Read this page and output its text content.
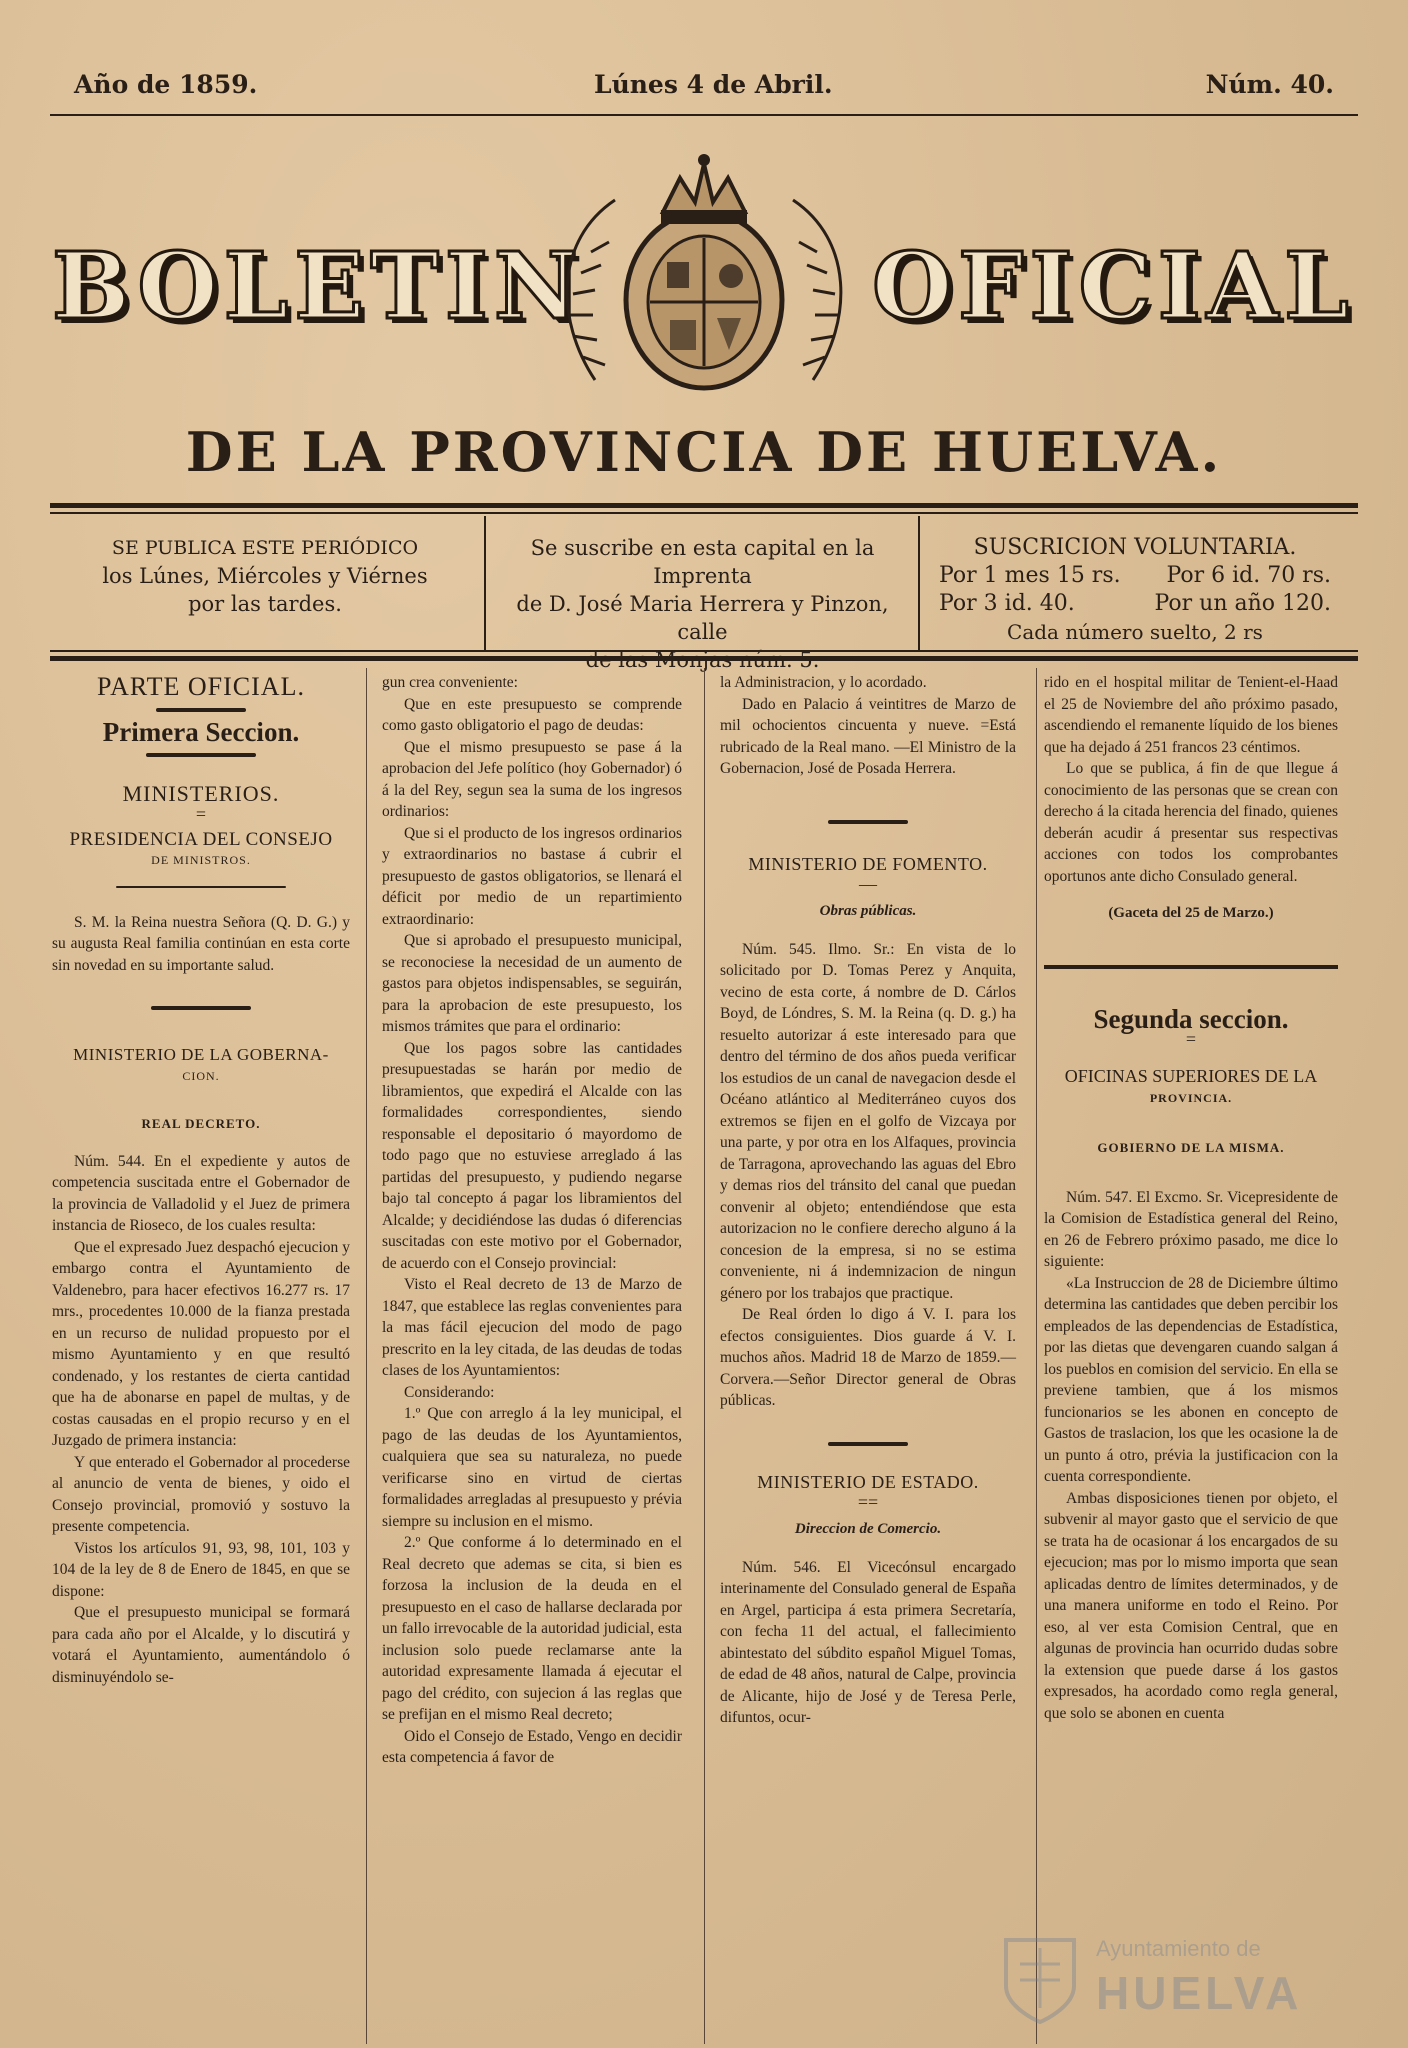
Año de 1859.	Lúnes 4 de Abril.	Núm. 40.
BOLETIN	OFICIAL
DE LA PROVINCIA DE HUELVA.
SE PUBLICA ESTE PERIÓDICO
los Lúnes, Miércoles y Viérnes
por las tardes.
Se suscribe en esta capital en la Imprenta
de D. José Maria Herrera y Pinzon, calle
SUSCRICION VOLUNTARIA.
Por 1 mes 15 rs. Por 6 id. 70 rs.
Por 3 id. 40.	Por un año 120.
Cada número suelto, 2 rs
PARTE OFICIAL.
Primera Seccion.
MINISTERIOS.
=
PRESIDENCIA DEL CONSEJO
DE MINISTROS.

S. M. la Reina nuestra Señora (Q. D. G.) y su augusta Real familia continúan en esta corte sin novedad en su importante salud.

MINISTERIO DE LA GOBERNA-
CION.
REAL DECRETO.

Núm. 544. En el expediente y autos de competencia suscitada entre el Gobernador de la provincia de Valladolid y el Juez de primera instancia de Rioseco, de los cuales resulta:

Que el expresado Juez despachó ejecucion y embargo contra el Ayuntamiento de Valdenebro, para hacer efectivos 16.277 rs. 17 mrs., procedentes 10.000 de la fianza prestada en un recurso de nulidad propuesto por el mismo Ayuntamiento y en que resultó condenado, y los restantes de cierta cantidad que ha de abonarse en papel de multas, y de costas causadas en el propio recurso y en el Juzgado de primera instancia:

Y que enterado el Gobernador al procederse al anuncio de venta de bienes, y oido el Consejo provincial, promovió y sostuvo la presente competencia.

Vistos los artículos 91, 93, 98, 101, 103 y 104 de la ley de 8 de Enero de 1845, en que se dispone:

Que el presupuesto municipal se formará para cada año por el Alcalde, y lo discutirá y votará el Ayuntamiento, aumentándolo ó disminuyéndolo se-

gun crea conveniente:

Que en este presupuesto se comprende como gasto obligatorio el pago de deudas:

Que el mismo presupuesto se pase á la aprobacion del Jefe político (hoy Gobernador) ó á la del Rey, segun sea la suma de los ingresos ordinarios:

Que si el producto de los ingresos ordinarios y extraordinarios no bastase á cubrir el presupuesto de gastos obligatorios, se llenará el déficit por medio de un repartimiento extraordinario:

Que si aprobado el presupuesto municipal, se reconociese la necesidad de un aumento de gastos para objetos indispensables, se seguirán, para la aprobacion de este presupuesto, los mismos trámites que para el ordinario:

Que los pagos sobre las cantidades presupuestadas se harán por medio de libramientos, que expedirá el Alcalde con las formalidades correspondientes, siendo responsable el depositario ó mayordomo de todo pago que no estuviese arreglado á las partidas del presupuesto, y pudiendo negarse bajo tal concepto á pagar los libramientos del Alcalde; y decidiéndose las dudas ó diferencias suscitadas con este motivo por el Gobernador, de acuerdo con el Consejo provincial:

Visto el Real decreto de 13 de Marzo de 1847, que establece las reglas convenientes para la mas fácil ejecucion del modo de pago prescrito en la ley citada, de las deudas de todas clases de los Ayuntamientos:

Considerando:

1.º Que con arreglo á la ley municipal, el pago de las deudas de los Ayuntamientos, cualquiera que sea su naturaleza, no puede verificarse sino en virtud de ciertas formalidades arregladas al presupuesto y prévia siempre su inclusion en el mismo.

2.º Que conforme á lo determinado en el Real decreto que ademas se cita, si bien es forzosa la inclusion de la deuda en el presupuesto en el caso de hallarse declarada por un fallo irrevocable de la autoridad judicial, esta inclusion solo puede reclamarse ante la autoridad expresamente llamada á ejecutar el pago del crédito, con sujecion á las reglas que se prefijan en el mismo Real decreto;

Oido el Consejo de Estado, Vengo en decidir esta competencia á favor de

la Administracion, y lo acordado.

Dado en Palacio á veintitres de Marzo de mil ochocientos cincuenta y nueve. =Está rubricado de la Real mano. —El Ministro de la Gobernacion, José de Posada Herrera.

MINISTERIO DE FOMENTO.
—
Obras públicas.

Núm. 545. Ilmo. Sr.: En vista de lo solicitado por D. Tomas Perez y Anquita, vecino de esta corte, á nombre de D. Cárlos Boyd, de Lóndres, S. M. la Reina (q. D. g.) ha resuelto autorizar á este interesado para que dentro del término de dos años pueda verificar los estudios de un canal de navegacion desde el Océano atlántico al Mediterráneo cuyos dos extremos se fijen en el golfo de Vizcaya por una parte, y por otra en los Alfaques, provincia de Tarragona, aprovechando las aguas del Ebro y demas rios del tránsito del canal que puedan convenir al objeto; entendiéndose que esta autorizacion no le confiere derecho alguno á la concesion de la empresa, si no se estima conveniente, ni á indemnizacion de ningun género por los trabajos que practique.

De Real órden lo digo á V. I. para los efectos consiguientes. Dios guarde á V. I. muchos años. Madrid 18 de Marzo de 1859.—Corvera.—Señor Director general de Obras públicas.

MINISTERIO DE ESTADO.
==
Direccion de Comercio.

Núm. 546. El Vicecónsul encargado interinamente del Consulado general de España en Argel, participa á esta primera Secretaría, con fecha 11 del actual, el fallecimiento abintestato del súbdito español Miguel Tomas, de edad de 48 años, natural de Calpe, provincia de Alicante, hijo de José y de Teresa Perle, difuntos, ocur-

rido en el hospital militar de Tenient-el-Haad el 25 de Noviembre del año próximo pasado, ascendiendo el remanente líquido de los bienes que ha dejado á 251 francos 23 céntimos.

Lo que se publica, á fin de que llegue á conocimiento de las personas que se crean con derecho á la citada herencia del finado, quienes deberán acudir á presentar sus respectivas acciones con todos los comprobantes oportunos ante dicho Consulado general.

(Gaceta del 25 de Marzo.)
Segunda seccion.
=
OFICINAS SUPERIORES DE LA
PROVINCIA.
GOBIERNO DE LA MISMA.

Núm. 547. El Excmo. Sr. Vicepresidente de la Comision de Estadística general del Reino, en 26 de Febrero próximo pasado, me dice lo siguiente:

«La Instruccion de 28 de Diciembre último determina las cantidades que deben percibir los empleados de las dependencias de Estadística, por las dietas que devengaren cuando salgan á los pueblos en comision del servicio. En ella se previene tambien, que á los mismos funcionarios se les abonen en concepto de Gastos de traslacion, los que les ocasione la de un punto á otro, prévia la justificacion con la cuenta correspondiente.

Ambas disposiciones tienen por objeto, el subvenir al mayor gasto que el servicio de que se trata ha de ocasionar á los encargados de su ejecucion; mas por lo mismo importa que sean aplicadas dentro de límites determinados, y de una manera uniforme en todo el Reino. Por eso, al ver esta Comision Central, que en algunas de provincia han ocurrido dudas sobre la extension que puede darse á los gastos expresados, ha acordado como regla general, que solo se abonen en cuenta

Ayuntamiento de
HUELVA
